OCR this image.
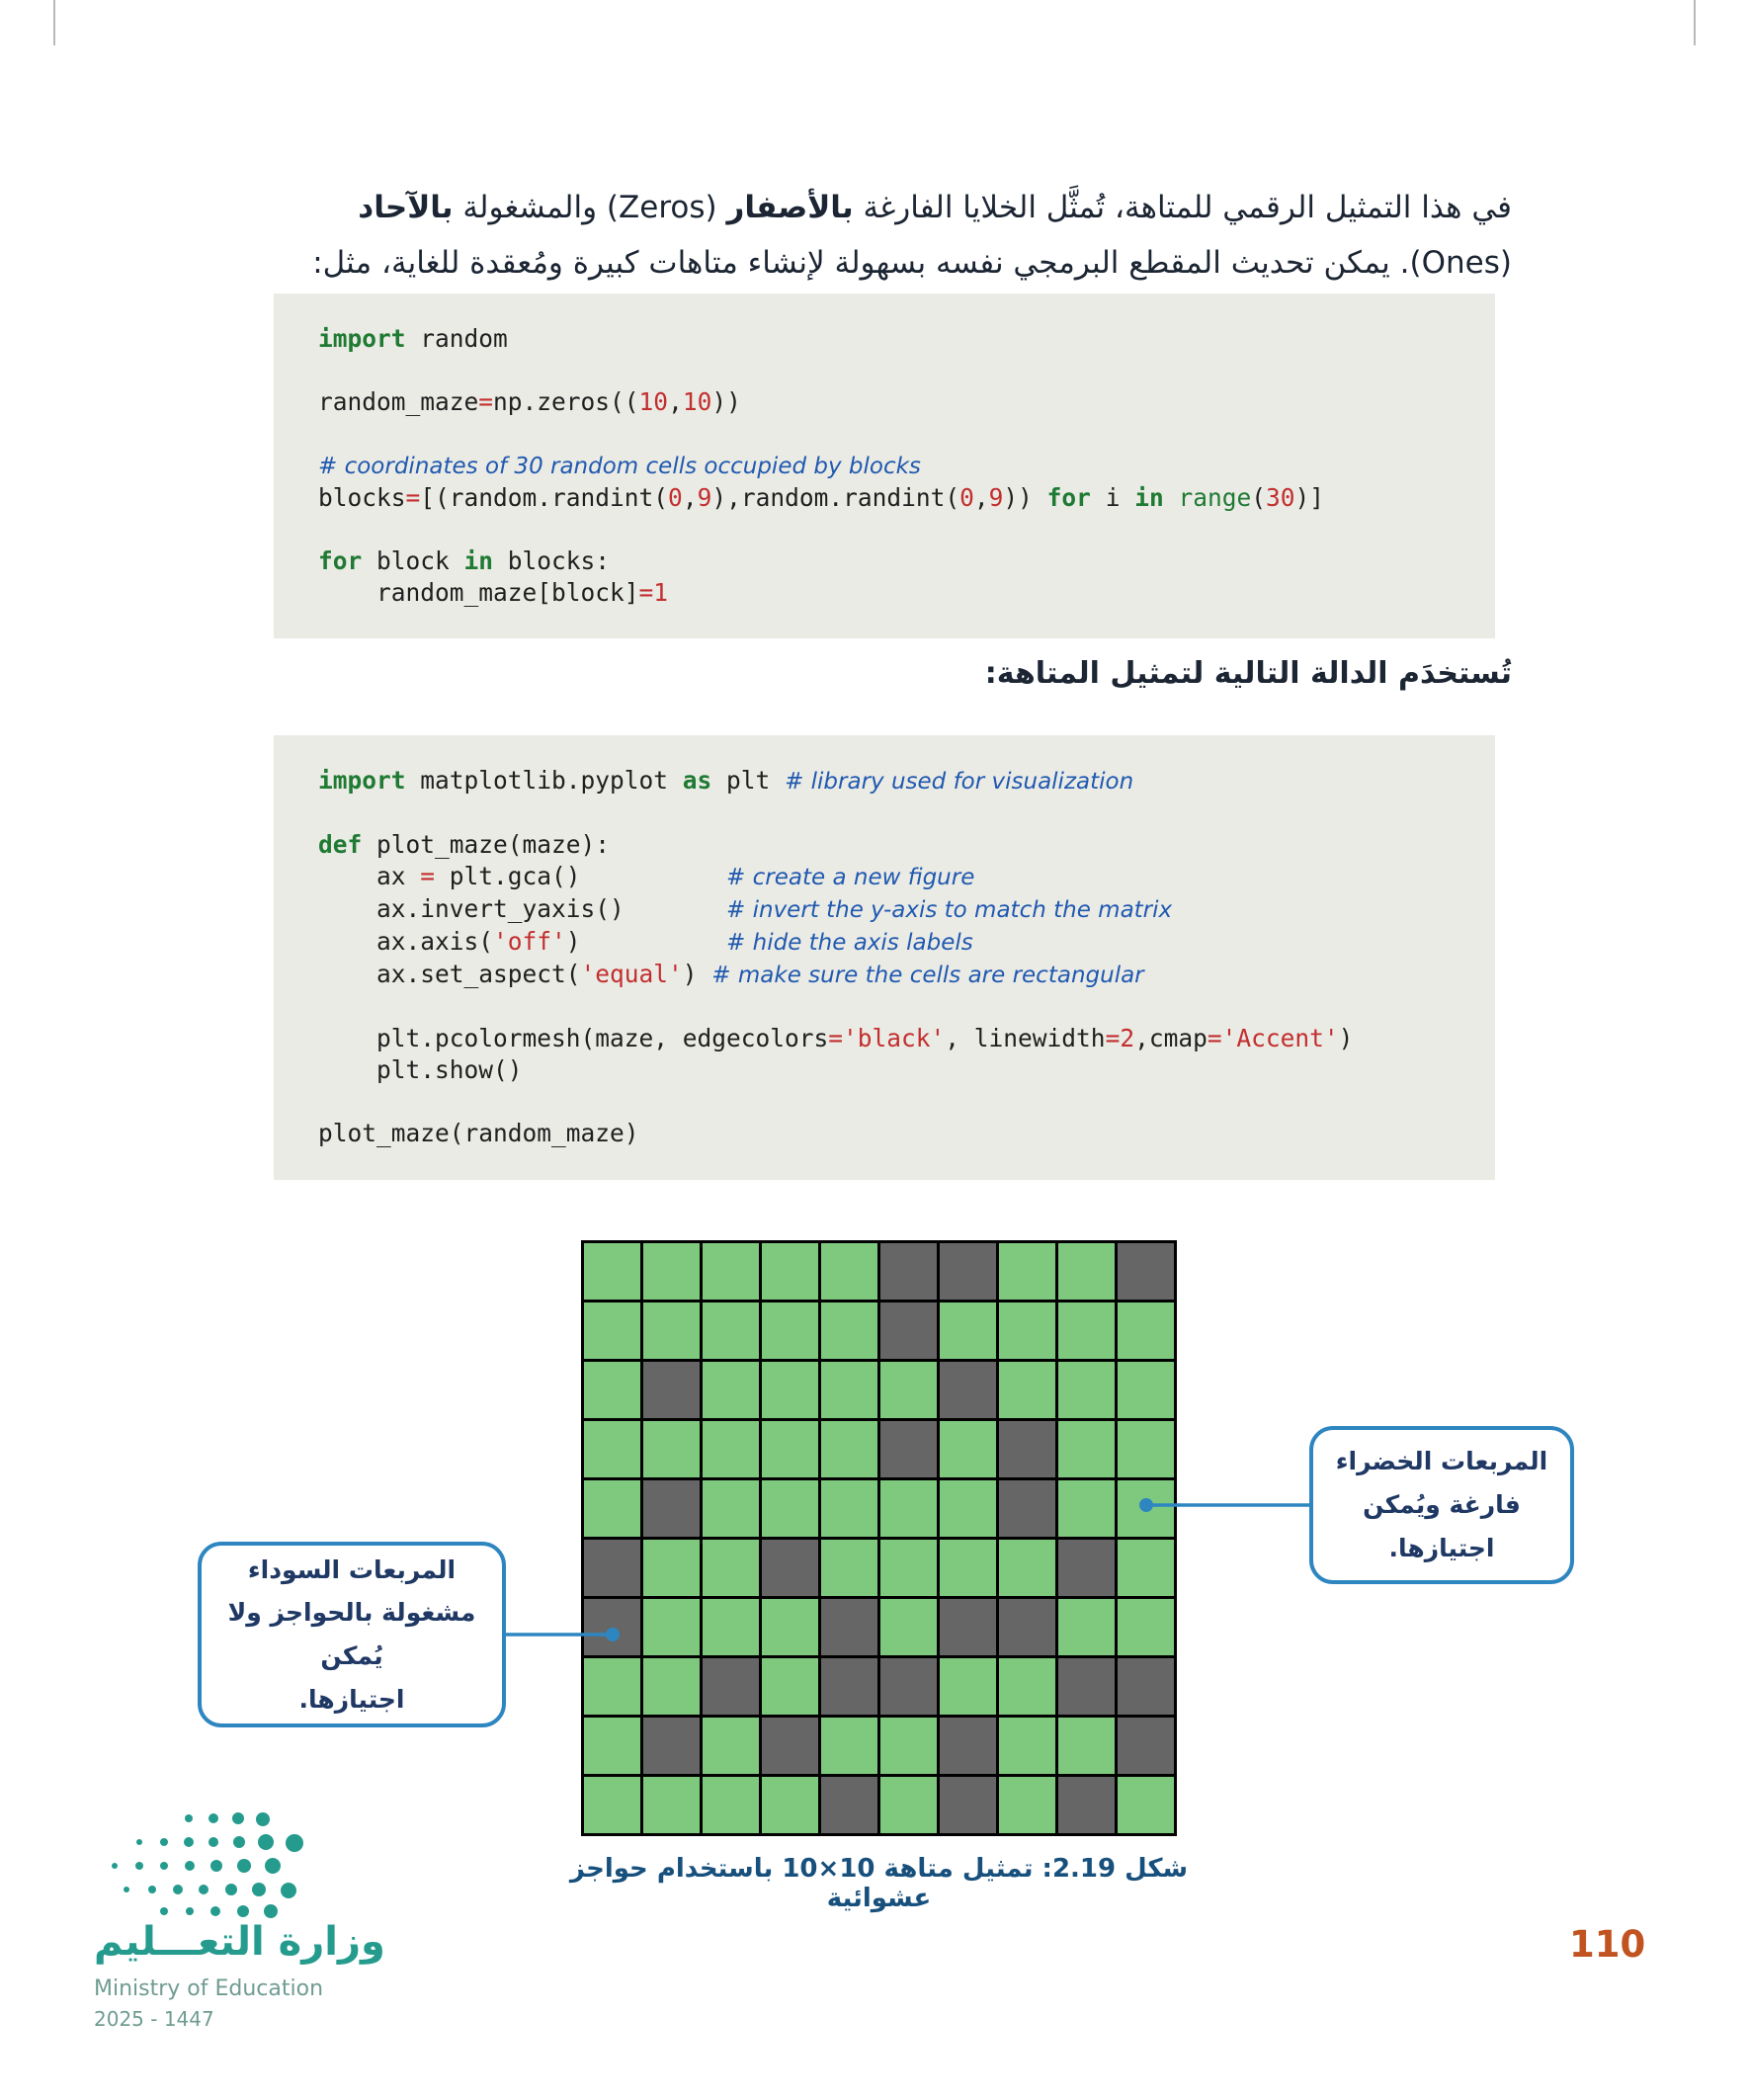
في هذا التمثيل الرقمي للمتاهة، تُمثَّل الخلايا الفارغة بالأصفار (Zeros) والمشغولة بالآحاد (Ones). يمكن تحديث المقطع البرمجي نفسه بسهولة لإنشاء متاهات كبيرة ومُعقدة للغاية، مثل:

import random

random_maze=np.zeros((10,10))

# coordinates of 30 random cells occupied by blocks
blocks=[(random.randint(0,9),random.randint(0,9)) for i in range(30)]

for block in blocks:
random_maze[block]=1
تُستخدَم الدالة التالية لتمثيل المتاهة:
import matplotlib.pyplot as plt # library used for visualization

def plot_maze(maze):
ax = plt.gca()          # create a new figure
ax.invert_yaxis()       # invert the y-axis to match the matrix
ax.axis('off')          # hide the axis labels
ax.set_aspect('equal') # make sure the cells are rectangular

plt.pcolormesh(maze, edgecolors='black', linewidth=2,cmap='Accent')
plt.show()

plot_maze(random_maze)
المربعات الخضراء
فارغة ويُمكن
اجتيازها.
المربعات السوداء
مشغولة بالحواجز ولا يُمكن
اجتيازها.
شكل 2.19: تمثيل متاهة 10×10 باستخدام حواجز عشوائية
وزارة التعـــليم
Ministry of Education
2025 - 1447
110
